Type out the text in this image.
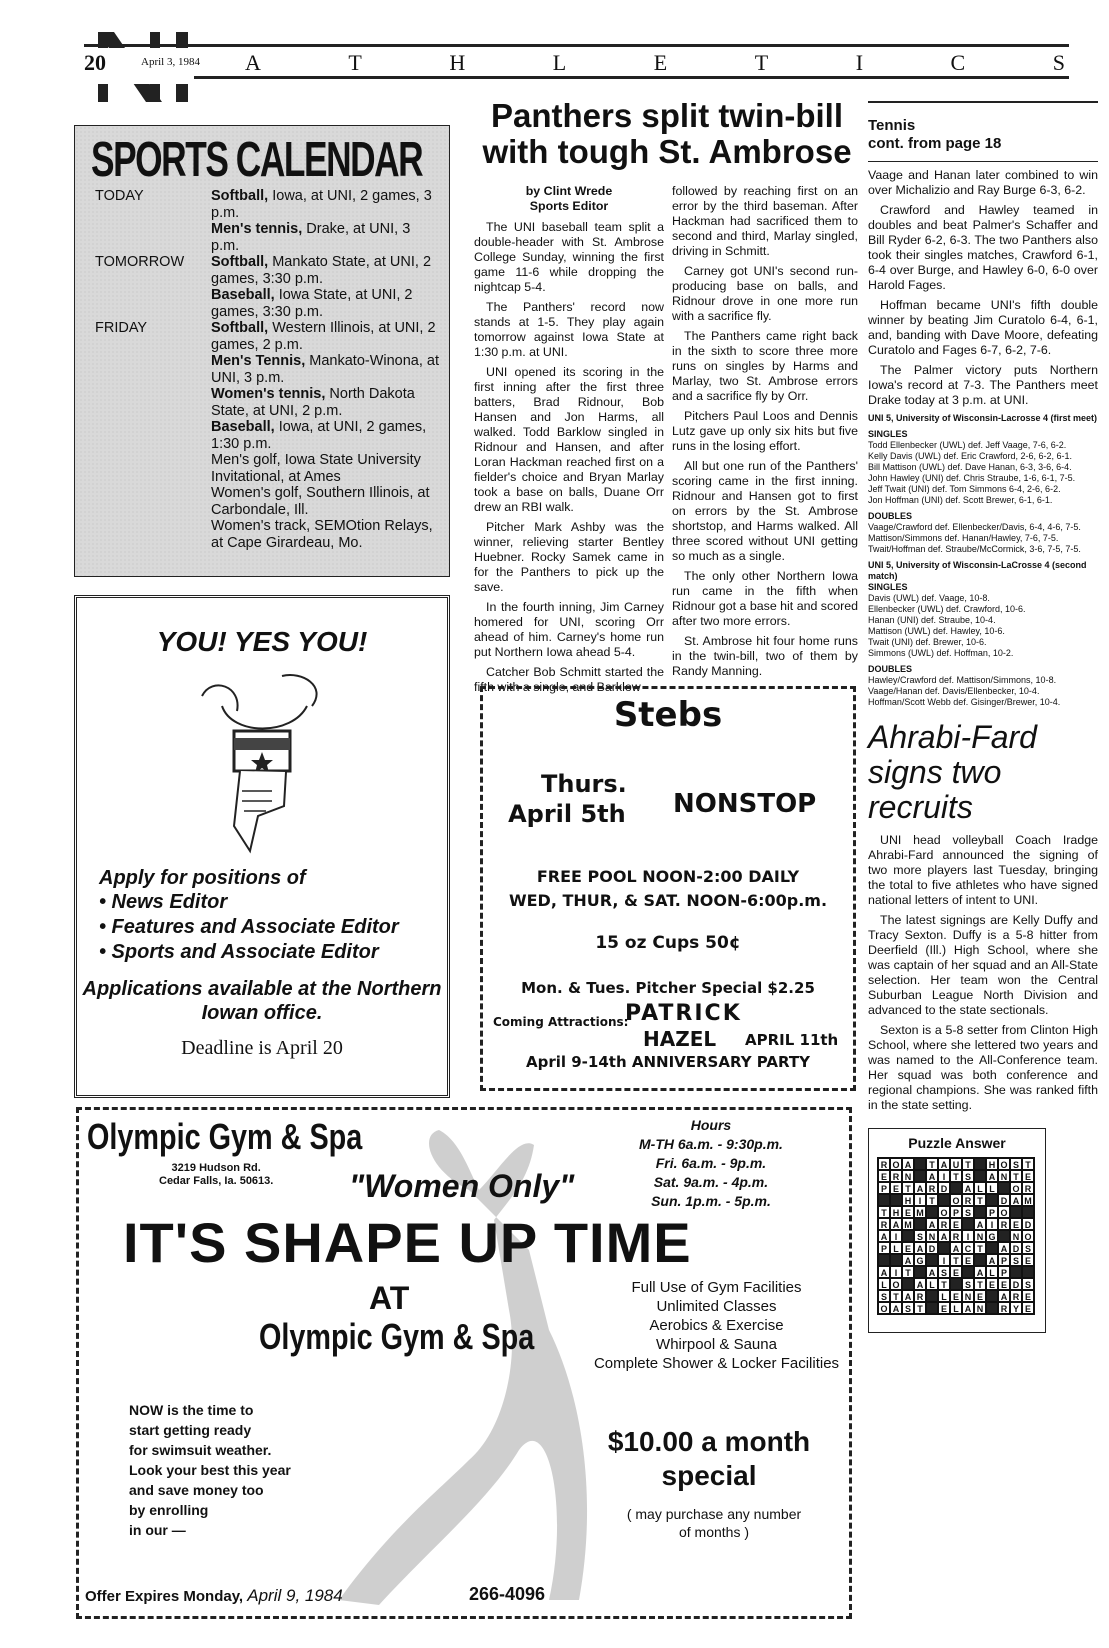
20	April 3, 1984 A	T	H	L	E	T	I	C	S
SPORTS CALENDAR
TODAY	Softball, Iowa, at UNI, 2 games, 3 p.m.
Men's tennis, Drake, at UNI, 3 p.m.
TOMORROW	Softball, Mankato State, at UNI, 2 games, 3:30 p.m.
Baseball, Iowa State, at UNI, 2 games, 3:30 p.m.
FRIDAY	Softball, Western Illinois, at UNI, 2 games, 2 p.m.
Men's Tennis, Mankato-Winona, at UNI, 3 p.m.
Women's tennis, North Dakota State, at UNI, 2 p.m.
Baseball, Iowa, at UNI, 2 games, 1:30 p.m.
Men's golf, Iowa State University Invitational, at Ames
Women's golf, Southern Illinois, at Carbondale, Ill.
Women's track, SEMOtion Relays, at Cape Girardeau, Mo.
YOU! YES YOU!
Apply for positions of
• News Editor
• Features and Associate Editor
• Sports and Associate Editor
Applications available at the Northern Iowan office.
Deadline is April 20
Panthers split twin-bill with tough St. Ambrose
by Clint Wrede
Sports Editor

The UNI baseball team split a double-header with St. Ambrose College Sunday, winning the first game 11-6 while dropping the nightcap 5-4.

The Panthers' record now stands at 1-5. They play again tomorrow against Iowa State at 1:30 p.m. at UNI.

UNI opened its scoring in the first inning after the first three batters, Brad Ridnour, Bob Hansen and Jon Harms, all walked. Todd Barklow singled in Ridnour and Hansen, and after Loran Hackman reached first on a fielder's choice and Bryan Marlay took a base on balls, Duane Orr drew an RBI walk.

Pitcher Mark Ashby was the winner, relieving starter Bentley Huebner. Rocky Samek came in for the Panthers to pick up the save.

In the fourth inning, Jim Carney homered for UNI, scoring Orr ahead of him. Carney's home run put Northern Iowa ahead 5-4.

Catcher Bob Schmitt started the fifth with a single, and Barklow

followed by reaching first on an error by the third baseman. After Hackman had sacrificed them to second and third, Marlay singled, driving in Schmitt.

Carney got UNI's second run-producing base on balls, and Ridnour drove in one more run with a sacrifice fly.

The Panthers came right back in the sixth to score three more runs on singles by Harms and Marlay, two St. Ambrose errors and a sacrifice fly by Orr.

Pitchers Paul Loos and Dennis Lutz gave up only six hits but five runs in the losing effort.

All but one run of the Panthers' scoring came in the first inning. Ridnour and Hansen got to first on errors by the St. Ambrose shortstop, and Harms walked. All three scored without UNI getting so much as a single.

The only other Northern Iowa run came in the fifth when Ridnour got a base hit and scored after two more errors.

St. Ambrose hit four home runs in the twin-bill, two of them by Randy Manning.

Tennis
cont. from page 18

Vaage and Hanan later combined to win over Michalizio and Ray Burge 6-3, 6-2.

Crawford and Hawley teamed in doubles and beat Palmer's Schaffer and Bill Ryder 6-2, 6-3. The two Panthers also took their singles matches, Crawford 6-1, 6-4 over Burge, and Hawley 6-0, 6-0 over Harold Fages.

Hoffman became UNI's fifth double winner by beating Jim Curatolo 6-4, 6-1, and, banding with Dave Moore, defeating Curatolo and Fages 6-7, 6-2, 7-6.

The Palmer victory puts Northern Iowa's record at 7-3. The Panthers meet Drake today at 3 p.m. at UNI.

UNI 5, University of Wisconsin-Lacrosse 4 (first meet)
SINGLES
Todd Ellenbecker (UWL) def. Jeff Vaage, 7-6, 6-2.
Kelly Davis (UWL) def. Eric Crawford, 2-6, 6-2, 6-1.
Bill Mattison (UWL) def. Dave Hanan, 6-3, 3-6, 6-4.
John Hawley (UNI) def. Chris Straube, 1-6, 6-1, 7-5.
Jeff Twait (UNI) def. Tom Simmons 6-4, 2-6, 6-2.
Jon Hoffman (UNI) def. Scott Brewer, 6-1, 6-1.
DOUBLES
Vaage/Crawford def. Ellenbecker/Davis, 6-4, 4-6, 7-5.
Mattison/Simmons def. Hanan/Hawley, 7-6, 7-5.
Twait/Hoffman def. Straube/McCormick, 3-6, 7-5, 7-5.
UNI 5, University of Wisconsin-LaCrosse 4 (second match)
SINGLES
Davis (UWL) def. Vaage, 10-8.
Ellenbecker (UWL) def. Crawford, 10-6.
Hanan (UNI) def. Straube, 10-4.
Mattison (UWL) def. Hawley, 10-6.
Twait (UNI) def. Brewer, 10-6.
Simmons (UWL) def. Hoffman, 10-2.
DOUBLES
Hawley/Crawford def. Mattison/Simmons, 10-8.
Vaage/Hanan def. Davis/Ellenbecker, 10-4.
Hoffman/Scott Webb def. Gisinger/Brewer, 10-4.
Ahrabi-Fard signs two recruits

UNI head volleyball Coach Iradge Ahrabi-Fard announced the signing of two more players last Tuesday, bringing the total to five athletes who have signed national letters of intent to UNI.

The latest signings are Kelly Duffy and Tracy Sexton. Duffy is a 5-8 hitter from Deerfield (Ill.) High School, where she was captain of her squad and an All-State selection. Her team won the Central Suburban League North Division and advanced to the state sectionals.

Sexton is a 5-8 setter from Clinton High School, where she lettered two years and was named to the All-Conference team. Her squad was both conference and regional champions. She was ranked fifth in the state setting.

Puzzle Answer
R O A	T A U T	H O S T
E R N	A I T S	A N T E
P E T A R D	A L L	O R
H I T	O R T	D A M
T H E M O P S	P O
R A M	A R E	A I R E D
A I	S N A R I N G	N O
P L E A D	A C T	A D S
A G	I T E	A P S E
A I T	A S E	A L P
L O	A L T	S T E E D S
S T A R	L E N E	A R E
O A S T	E L A N	R Y E
Stebs
Thurs.
April 5th NONSTOP
FREE POOL NOON-2:00 DAILY
WED, THUR, & SAT. NOON-6:00p.m.
15 oz Cups 50¢
Mon. & Tues. Pitcher Special $2.25
Coming Attractions:
PATRICK
HAZEL APRIL 11th
April 9-14th ANNIVERSARY PARTY
Olympic Gym & Spa
3219 Hudson Rd.
Cedar Falls, Ia. 50613. "Women Only"
Hours
M-TH 6a.m. - 9:30p.m.
Fri. 6a.m. - 9p.m.
Sat. 9a.m. - 4p.m.
Sun. 1p.m. - 5p.m.
IT'S SHAPE UP TIME
AT
Olympic Gym & Spa
Full Use of Gym Facilities
Unlimited Classes
Aerobics & Exercise
Whirpool & Sauna
Complete Shower & Locker Facilities
NOW is the time to
start getting ready
for swimsuit weather.
Look your best this year
and save money too
by enrolling
in our —
$10.00 a month
special
( may purchase any number of months )
Offer Expires Monday, April 9, 1984	266-4096
